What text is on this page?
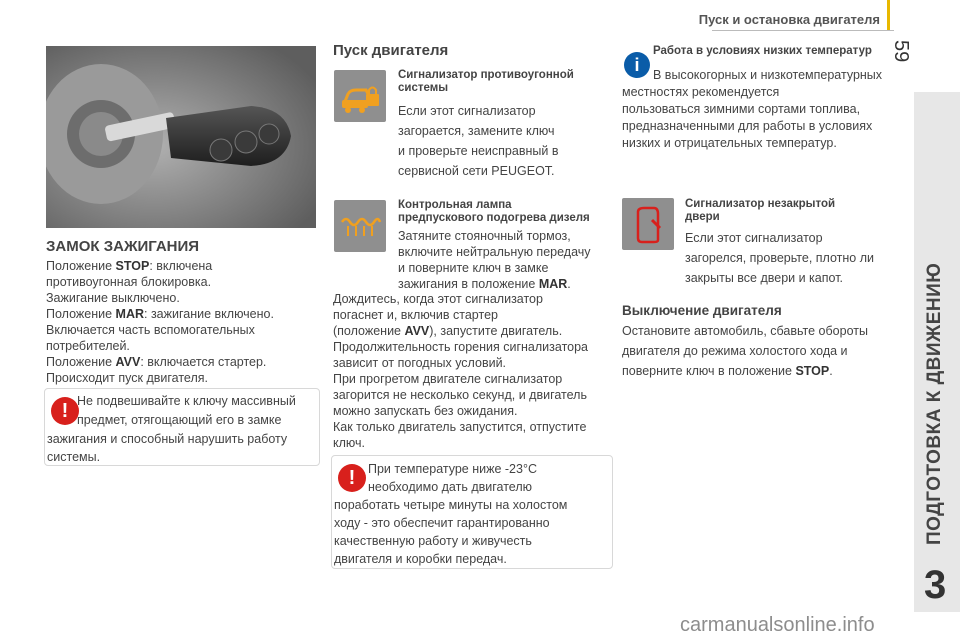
Пуск и остановка двигателя
59
ПОДГОТОВКА К ДВИЖЕНИЮ
3
ЗАМОК ЗАЖИГАНИЯ
Положение STOP: включена
противоугонная блокировка.
Зажигание выключено.
Положение MAR: зажигание включено.
Включается часть вспомогательных
потребителей.
Положение AVV: включается стартер.
Происходит пуск двигателя.
! Не подвешивайте к ключу массивный
предмет, отягощающий его в замке
зажигания и способный нарушить работу
системы.
Пуск двигателя
Сигнализатор противоугонной
системы
Если этот сигнализатор
загорается, замените ключ
и проверьте неисправный в
сервисной сети PEUGEOT.
Контрольная лампа
предпускового подогрева дизеля
Затяните стояночный тормоз,
включите нейтральную передачу
и поверните ключ в замке
зажигания в положение MAR.
Дождитесь, когда этот сигнализатор
погаснет и, включив стартер
(положение AVV), запустите двигатель.
Продолжительность горения сигнализатора
зависит от погодных условий.
При прогретом двигателе сигнализатор
загорится не несколько секунд, и двигатель
можно запускать без ожидания.
Как только двигатель запустится, отпустите
ключ.
!	При температуре ниже -23°C
необходимо дать двигателю
поработать четыре минуты на холостом
ходу - это обеспечит гарантированно
качественную работу и живучесть
двигателя и коробки передач.
i
Работа в условиях низких температур
В высокогорных и низкотемпературных
местностях рекомендуется
пользоваться зимними сортами топлива,
предназначенными для работы в условиях
низких и отрицательных температур.
Сигнализатор незакрытой
двери
Если этот сигнализатор
загорелся, проверьте, плотно ли
закрыты все двери и капот.
Выключение двигателя
Остановите автомобиль, сбавьте обороты
двигателя до режима холостого хода и
поверните ключ в положение STOP.
carmanualsonline.info
